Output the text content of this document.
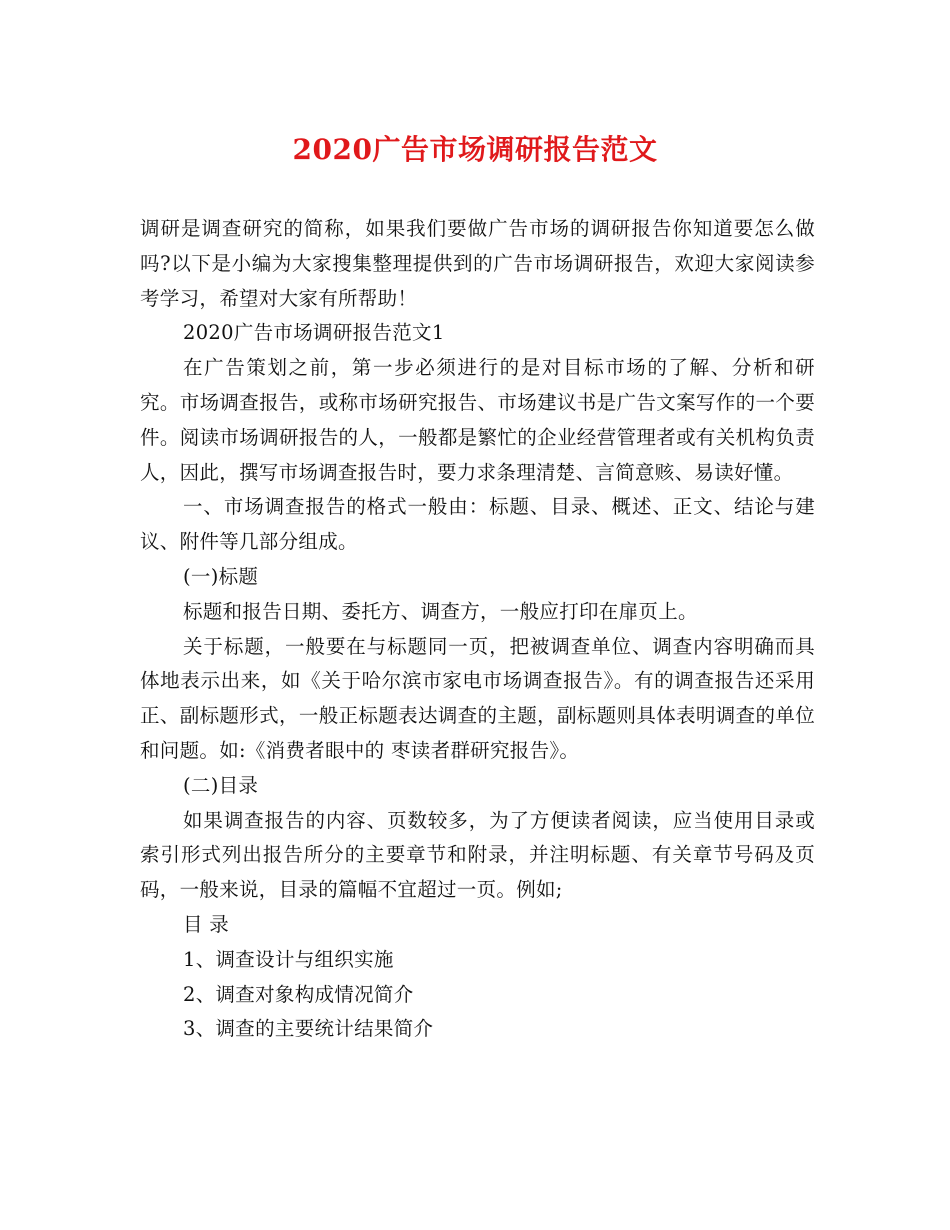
2020广告市场调研报告范文

调研是调查研究的简称，如果我们要做广告市场的调研报告你知道要怎么做吗?以下是小编为大家搜集整理提供到的广告市场调研报告，欢迎大家阅读参考学习，希望对大家有所帮助！

2020广告市场调研报告范文1

在广告策划之前，第一步必须进行的是对目标市场的了解、分析和研究。市场调查报告，或称市场研究报告、市场建议书是广告文案写作的一个要件。阅读市场调研报告的人，一般都是繁忙的企业经营管理者或有关机构负责人，因此，撰写市场调查报告时，要力求条理清楚、言简意赅、易读好懂。

一、市场调查报告的格式一般由：标题、目录、概述、正文、结论与建议、附件等几部分组成。

(一)标题

标题和报告日期、委托方、调查方，一般应打印在扉页上。

关于标题，一般要在与标题同一页，把被调查单位、调查内容明确而具体地表示出来，如《关于哈尔滨市家电市场调查报告》。有的调查报告还采用正、副标题形式，一般正标题表达调查的主题，副标题则具体表明调查的单位和问题。如:《消费者眼中的 枣读者群研究报告》。

(二)目录

如果调查报告的内容、页数较多，为了方便读者阅读，应当使用目录或索引形式列出报告所分的主要章节和附录，并注明标题、有关章节号码及页码，一般来说，目录的篇幅不宜超过一页。例如;

目 录

1、调查设计与组织实施

2、调查对象构成情况简介

3、调查的主要统计结果简介
